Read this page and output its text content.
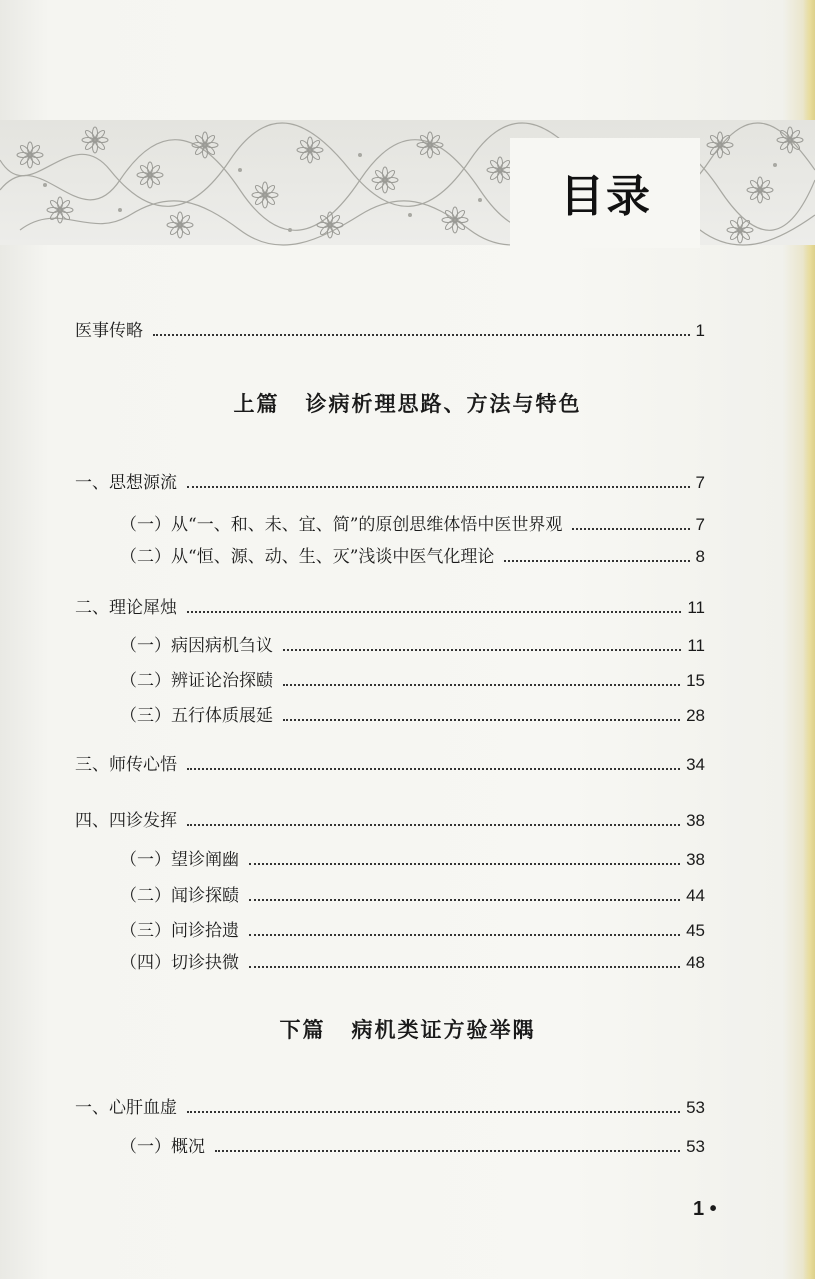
目录
医事传略	1
上篇 诊病析理思路、方法与特色
一、思想源流	7
（一）从“一、和、未、宜、简”的原创思维体悟中医世界观	7
（二）从“恒、源、动、生、灭”浅谈中医气化理论	8
二、理论犀烛	11
（一）病因病机刍议	11
（二）辨证论治探赜	15
（三）五行体质展延	28
三、师传心悟	34
四、四诊发挥	38
（一）望诊阐幽	38
（二）闻诊探赜	44
（三）问诊拾遗	45
（四）切诊抉微	48
下篇 病机类证方验举隅
一、心肝血虚	53
（一）概况	53
1 •
